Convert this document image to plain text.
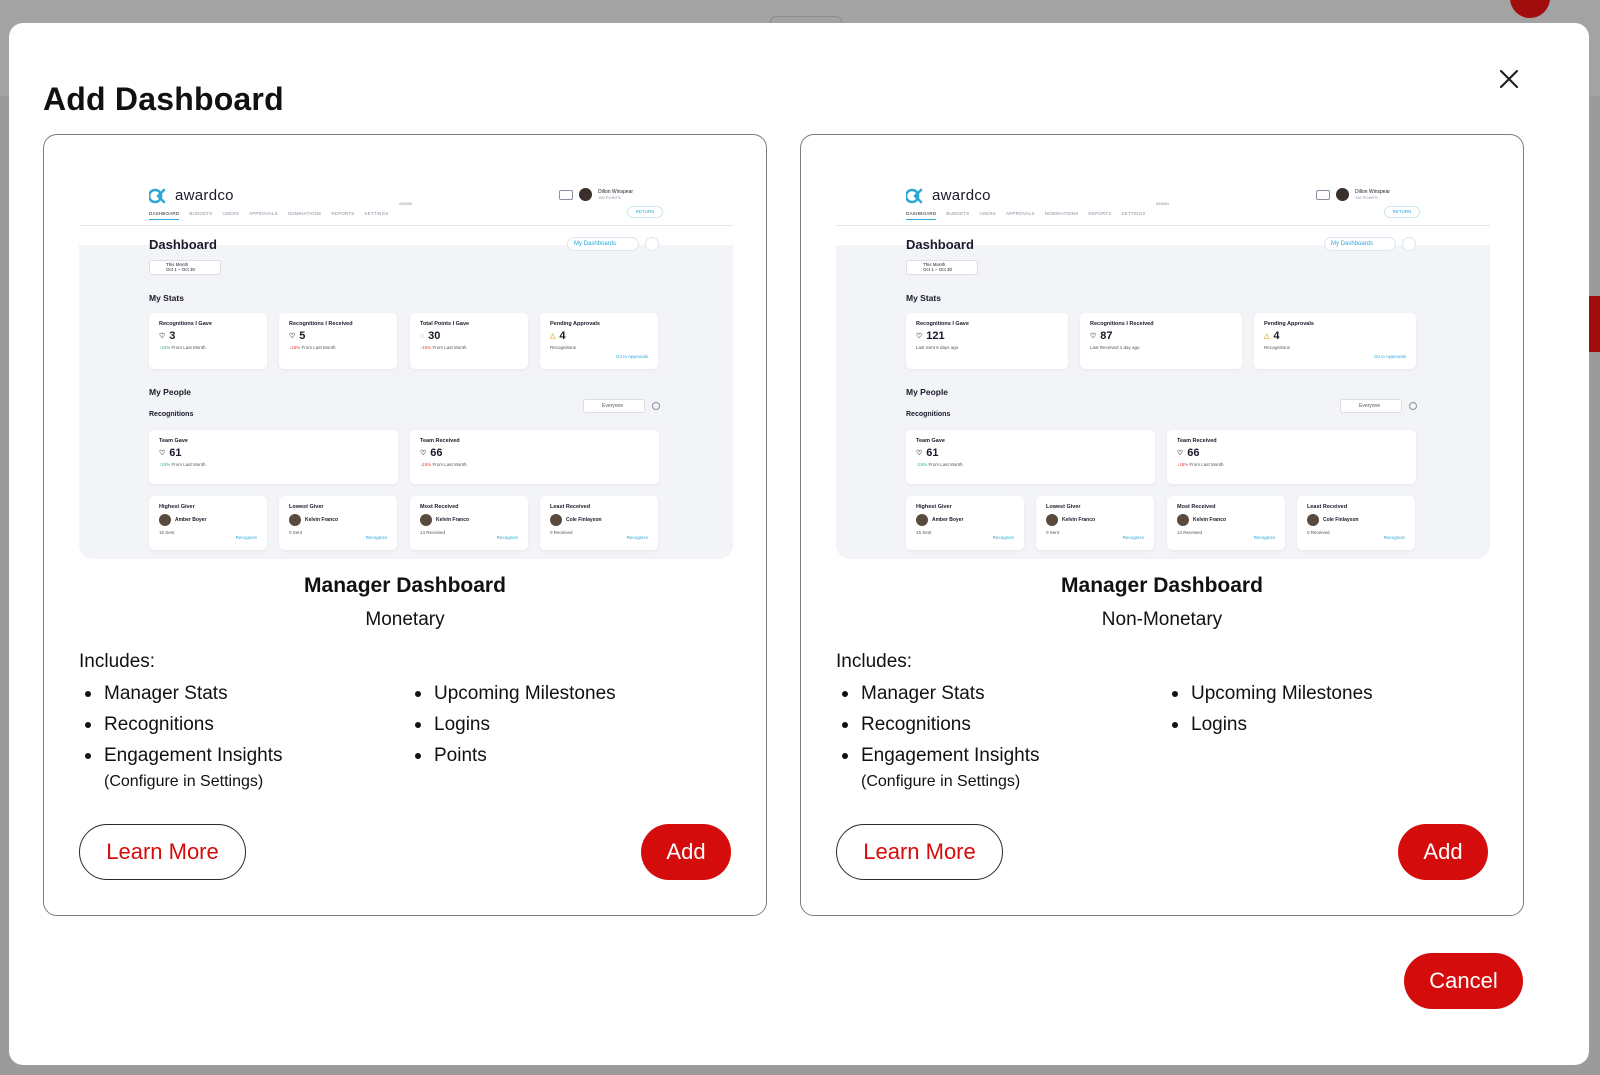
Add Dashboard
awardco	ADMIN
Dillon Winspear
150 POINTS
DASHBOARD BUDGETS USERS APPROVALS NOMINATIONS REPORTS SETTINGS	RETURN
Dashboard	My Dashboards
This Month
Oct 1 – Oct 30
My Stats
Recognitions I Gave
♡ 3
↑24% From Last Month
Recognitions I Received
♡ 5
↓15% From Last Month
Total Points I Gave
◌ 30
↓15% From Last Month
Pending Approvals
△ 4
Recognitions
Go to Approvals
My People
Everyone
Recognitions
Team Gave
♡ 61
↑24% From Last Month
Team Received
♡ 66
↓15% From Last Month
Highest Giver
Amber Boyer
15 Sent
Recognize
Lowest Giver
Kelvin Franco
0 Sent
Recognize
Most Received
Kelvin Franco
14 Received
Recognize
Least Received
Cole Finlayson
0 Received
Recognize
Manager Dashboard
Monetary
Includes:
Manager Stats
Recognitions
Engagement Insights
(Configure in Settings)
Upcoming Milestones
Logins
Points
Learn More	Add
awardco	ADMIN
Dillon Winspear
150 POINTS
DASHBOARD BUDGETS USERS APPROVALS NOMINATIONS REPORTS SETTINGS	RETURN
Dashboard	My Dashboards
This Month
Oct 1 – Oct 30
My Stats
Recognitions I Gave
♡ 121
Last Sent 6 days ago
Recognitions I Received
♡ 87
Last Received 1 day ago
Pending Approvals
△ 4
Recognitions
Go to Approvals
My People
Everyone
Recognitions
Team Gave
♡ 61
↑24% From Last Month
Team Received
♡ 66
↓15% From Last Month
Highest Giver
Amber Boyer
15 Sent
Recognize
Lowest Giver
Kelvin Franco
0 Sent
Recognize
Most Received
Kelvin Franco
14 Received
Recognize
Least Received
Cole Finlayson
0 Received
Recognize
Manager Dashboard
Non-Monetary
Includes:
Manager Stats
Recognitions
Engagement Insights
(Configure in Settings)
Upcoming Milestones
Logins
Learn More	Add
Cancel
